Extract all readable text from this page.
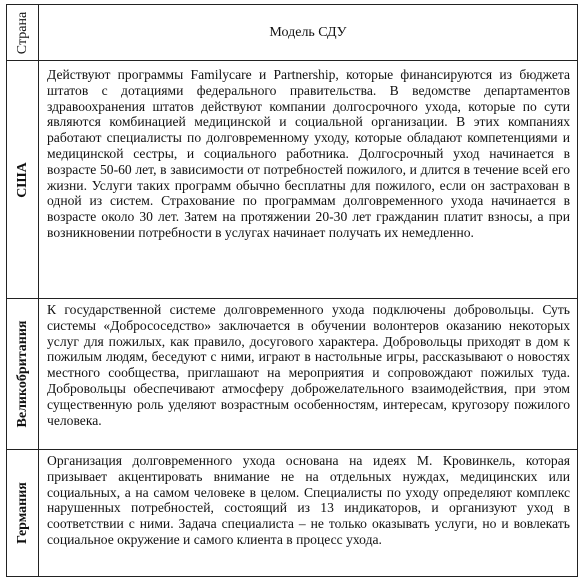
Страна	Модель СДУ

США	Действуют программы Familycare и Partnership, которые финансируются из бюджета штатов с дотациями федерального правительства. В ведомстве департаментов здравоохранения штатов действуют компании долгосрочного ухода, которые по сути являются комбинацией медицинской и социальной организации. В этих компаниях работают специалисты по долговременному уходу, которые обладают компетенциями и медицинской сестры, и социального работника. Долгосрочный уход начинается в возрасте 50-60 лет, в зависимости от потребностей пожилого, и длится в течение всей его жизни. Услуги таких программ обычно бесплатны для пожилого, если он застрахован в одной из систем. Страхование по программам долговременного ухода начинается в возрасте около 30 лет. Затем на протяжении 20-30 лет гражданин платит взносы, а при возникновении потребности в услугах начинает получать их немедленно.

Великобритания	К государственной системе долговременного ухода подключены добровольцы. Суть системы «Добрососедство» заключается в обучении волонтеров оказанию некоторых услуг для пожилых, как правило, досугового характера. Добровольцы приходят в дом к пожилым людям, беседуют с ними, играют в настольные игры, рассказывают о новостях местного сообщества, приглашают на мероприятия и сопровождают пожилых туда. Добровольцы обеспечивают атмосферу доброжелательного взаимодействия, при этом существенную роль уделяют возрастным особенностям, интересам, кругозору пожилого человека.

Германия	Организация долговременного ухода основана на идеях М. Кровинкель, которая призывает акцентировать внимание не на отдельных нуждах, медицинских или социальных, а на самом человеке в целом. Специалисты по уходу определяют комплекс нарушенных потребностей, состоящий из 13 индикаторов, и организуют уход в соответствии с ними. Задача специалиста – не только оказывать услуги, но и вовлекать социальное окружение и самого клиента в процесс ухода.
